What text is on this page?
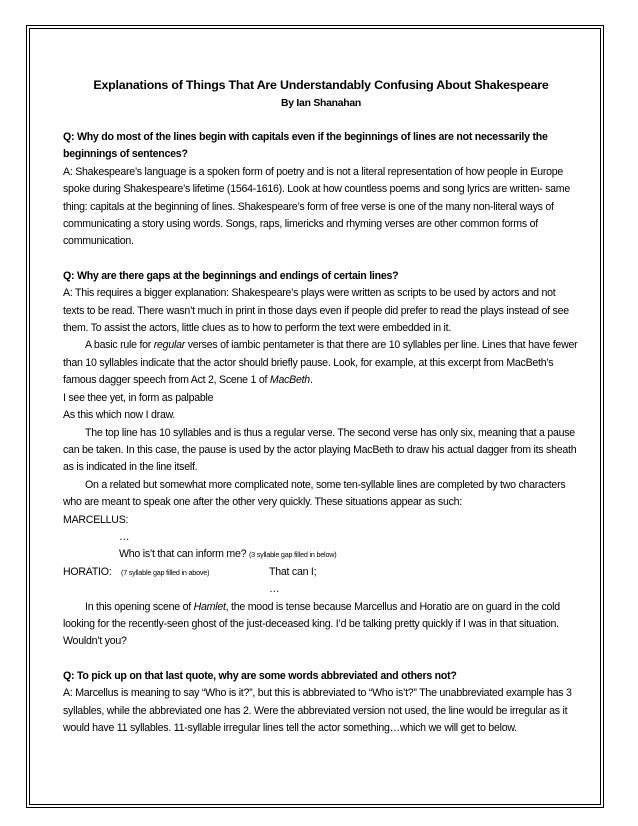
Explanations of Things That Are Understandably Confusing About Shakespeare

By Ian Shanahan

Q: Why do most of the lines begin with capitals even if the beginnings of lines are not necessarily the beginnings of sentences?

A: Shakespeare’s language is a spoken form of poetry and is not a literal representation of how people in Europe spoke during Shakespeare’s lifetime (1564-1616). Look at how countless poems and song lyrics are written- same thing: capitals at the beginning of lines. Shakespeare’s form of free verse is one of the many non-literal ways of communicating a story using words. Songs, raps, limericks and rhyming verses are other common forms of communication.

Q: Why are there gaps at the beginnings and endings of certain lines?

A: This requires a bigger explanation: Shakespeare’s plays were written as scripts to be used by actors and not texts to be read. There wasn’t much in print in those days even if people did prefer to read the plays instead of see them. To assist the actors, little clues as to how to perform the text were embedded in it.

A basic rule for regular verses of iambic pentameter is that there are 10 syllables per line. Lines that have fewer than 10 syllables indicate that the actor should briefly pause. Look, for example, at this excerpt from MacBeth’s famous dagger speech from Act 2, Scene 1 of MacBeth.

I see thee yet, in form as palpable

As this which now I draw.

The top line has 10 syllables and is thus a regular verse. The second verse has only six, meaning that a pause can be taken. In this case, the pause is used by the actor playing MacBeth to draw his actual dagger from its sheath as is indicated in the line itself.

On a related but somewhat more complicated note, some ten-syllable lines are completed by two characters who are meant to speak one after the other very quickly. These situations appear as such:

MARCELLUS:

…

Who is’t that can inform me? (3 syllable gap filled in below)

HORATIO: (7 syllable gap filled in above)	That can I;

…

In this opening scene of Hamlet, the mood is tense because Marcellus and Horatio are on guard in the cold looking for the recently-seen ghost of the just-deceased king. I’d be talking pretty quickly if I was in that situation. Wouldn’t you?

Q: To pick up on that last quote, why are some words abbreviated and others not?

A: Marcellus is meaning to say “Who is it?”, but this is abbreviated to “Who is’t?” The unabbreviated example has 3 syllables, while the abbreviated one has 2. Were the abbreviated version not used, the line would be irregular as it would have 11 syllables. 11-syllable irregular lines tell the actor something…which we will get to below.
